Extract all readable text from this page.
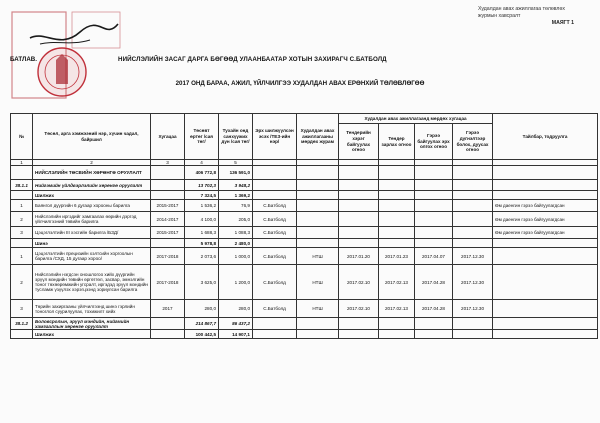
Худалдан авах ажиллагаа төлөвлөх
журмын хавсралт
МАЯГТ 1
БАТЛАВ.	НИЙСЛЭЛИЙН ЗАСАГ ДАРГА БӨГӨӨД УЛААНБААТАР ХОТЫН ЗАХИРАГЧ С.БАТБОЛД
2017 ОНД БАРАА, АЖИЛ, ҮЙЛЧИЛГЭЭ ХУДАЛДАН АВАХ ЕРӨНХИЙ ТӨЛӨВЛӨГӨӨ
№	Төсөл, арга хэмжээний нэр, хүчин чадал, байршил	Хугацаа	Төсөвт өртөг /сая төг/	Тухайн онд санхүүжих дүн /сая төг/	Эрх шилжүүлсэн эсэх /ТЕЗ-ийн нэр/	Худалдан авах ажиллагааны мөрдөх журам	Худалдан авах ажиллагаанд мөрдөх хугацаа				Тайлбар, тодруулга
							Тендерийн хэрэг байгуулах огноо	Тендер зарлах огноо	Гэрээ байгуулах эрх олгох огноо	Гэрээ дүгнэлтээр болох, дуусах огноо	
1	2	3	4	5							
	НИЙСЛЭЛИЙН ТӨСВИЙН ХӨРӨНГӨ ОРУУЛАЛТ		406 772,8	136 591,0							
38.1.1	Нийгэмийн үйлдвэрлэлийн хөрөнгө оруулалт		13 702,3	3 948,2							
	Шилжих		7 324,5	1 369,2							
1	Баянгол дүүргийн 6 дугаар хорооны барилга	2015-2017	1 536,2	76,9	С.Батболд						Өм даенгин гэрээ байгуулагдсан
2	Нийслэлийн иргэдийг хамгаалах өөрийн дэргэд үйлчилгээний төвийн барилга	2014-2017	4 100,0	205,0	С.Батболд						Өм даенгин гэрээ байгуулагдсан
3	Цэцэглэлтийн III хэсгийн барилга /БЗД/	2015-2017	1 688,3	1 088,3	С.Батболд						Өм даенгин гэрээ байгуулагдсан
	Шинэ		5 978,8	2 480,0							
1	Цэцэглэлтийн прецизийн хэлтсийн хоргоолын барилга /СХД, 15 дугаар хороо/	2017-2018	2 073,6	1 000,0	С.Батболд	НТШ	2017.01.20	2017.01.23	2017.04.07	2017.12.30	
2	Нийслэлийн нэгдсэн оношлогоо хийх дүүргийн эрүүл мэндийн төвийн өргөтгөл, засвар, эмнэлгийн тоног төхөөрөмжийн угсралт, иргэдэд эрүүл мэндийн тусламж үзүүлэх хэрэгцээнд зориулсан барилга	2017-2018	3 625,0	1 200,0	С.Батболд	НТШ	2017.02.10	2017.02.13	2017.04.28	2017.12.30	
3	Төрийн захиргааны үйлчилгээнд шинэ гэрлийн тоноглол суурилуулах, тохижилт хийх	2017	280,0	280,0	С.Батболд	НТШ	2017.02.10	2017.02.13	2017.04.28	2017.12.30	
38.1.2	Боловсролын, эрүүл мэндийн, нийгмийн хамгааллын хөрөнгө оруулалт		214 867,7	86 437,2							
	Шилжих		100 442,5	14 907,1							
